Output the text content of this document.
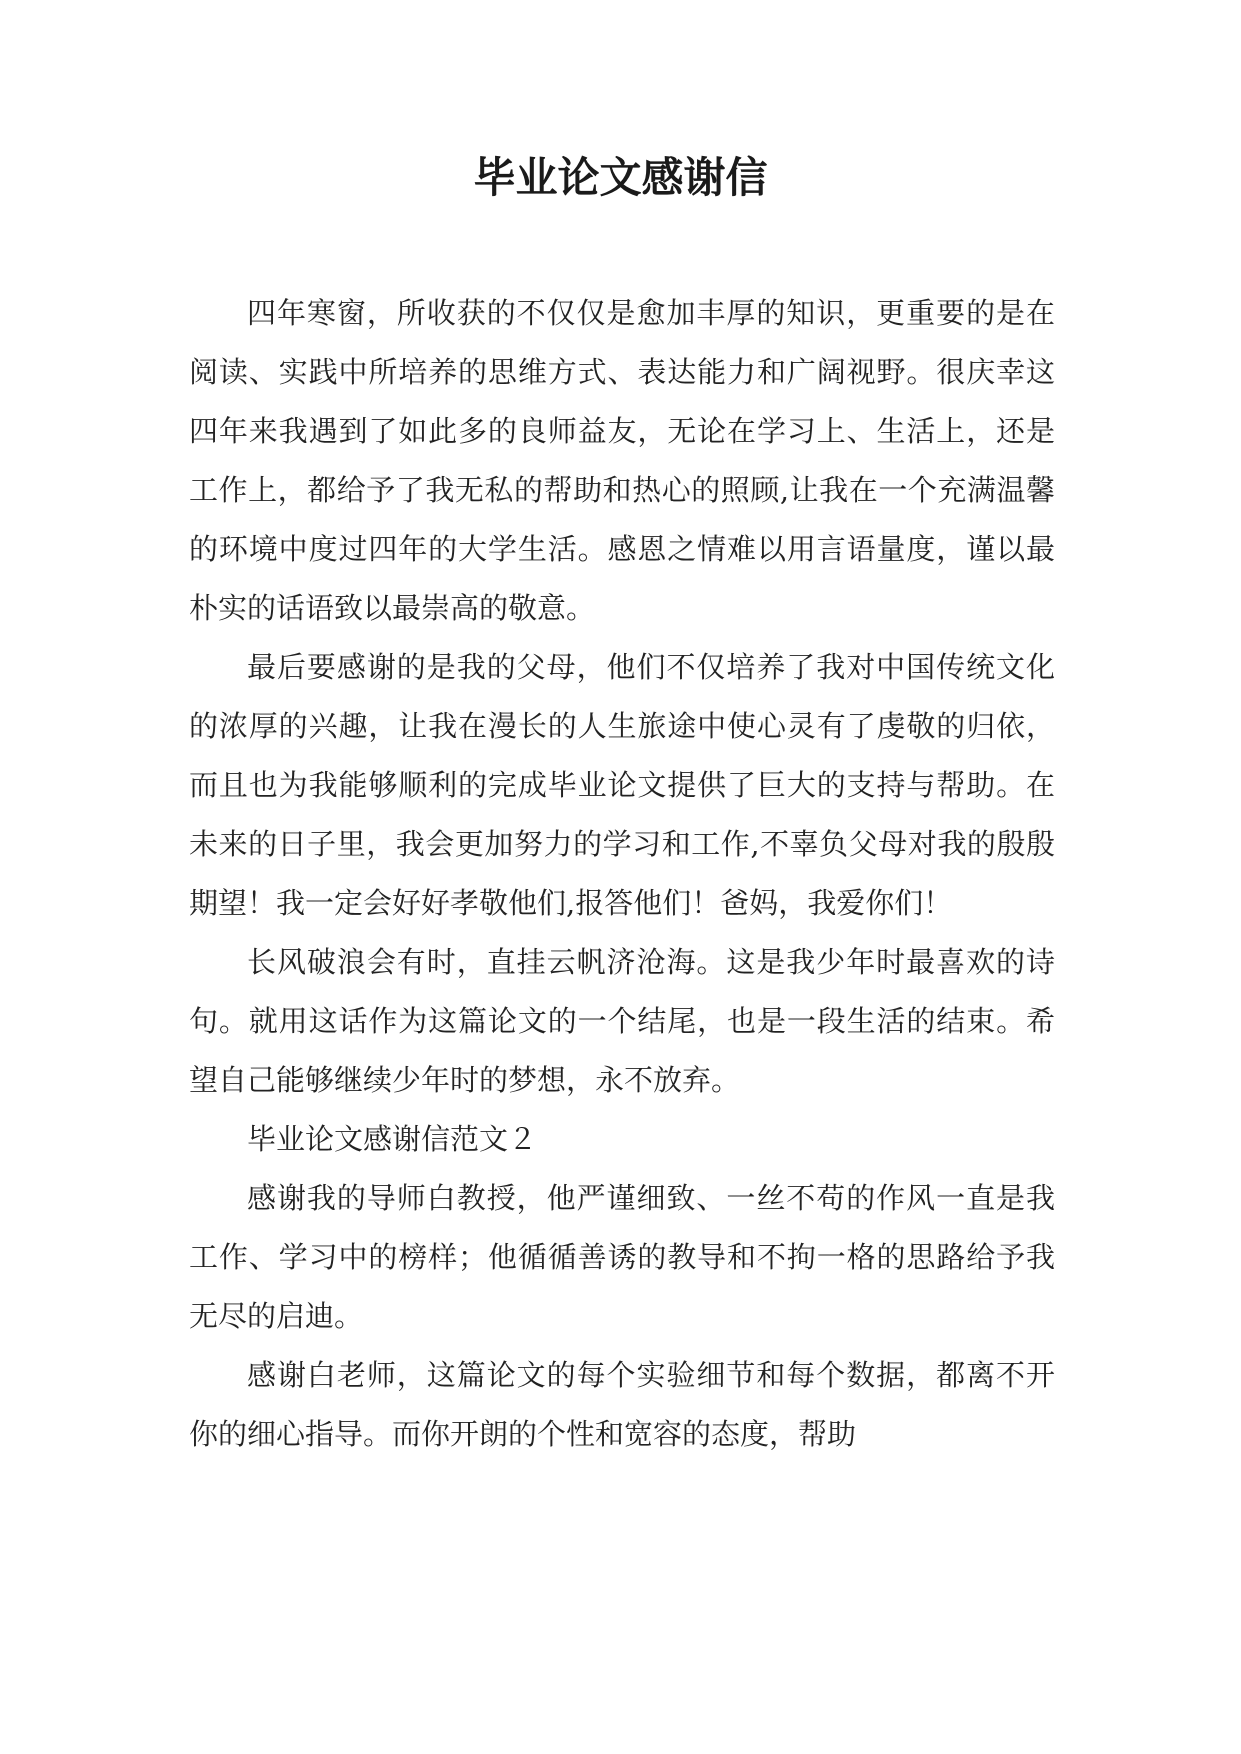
毕业论文感谢信

四年寒窗，所收获的不仅仅是愈加丰厚的知识，更重要的是在阅读、实践中所培养的思维方式、表达能力和广阔视野。很庆幸这四年来我遇到了如此多的良师益友，无论在学习上、生活上，还是工作上，都给予了我无私的帮助和热心的照顾,让我在一个充满温馨的环境中度过四年的大学生活。感恩之情难以用言语量度，谨以最朴实的话语致以最崇高的敬意。

最后要感谢的是我的父母，他们不仅培养了我对中国传统文化的浓厚的兴趣，让我在漫长的人生旅途中使心灵有了虔敬的归依，而且也为我能够顺利的完成毕业论文提供了巨大的支持与帮助。在未来的日子里，我会更加努力的学习和工作,不辜负父母对我的殷殷期望！我一定会好好孝敬他们,报答他们！爸妈，我爱你们！

长风破浪会有时，直挂云帆济沧海。这是我少年时最喜欢的诗句。就用这话作为这篇论文的一个结尾，也是一段生活的结束。希望自己能够继续少年时的梦想，永不放弃。

毕业论文感谢信范文２

感谢我的导师白教授，他严谨细致、一丝不苟的作风一直是我工作、学习中的榜样；他循循善诱的教导和不拘一格的思路给予我无尽的启迪。

感谢白老师，这篇论文的每个实验细节和每个数据，都离不开你的细心指导。而你开朗的个性和宽容的态度，帮助
